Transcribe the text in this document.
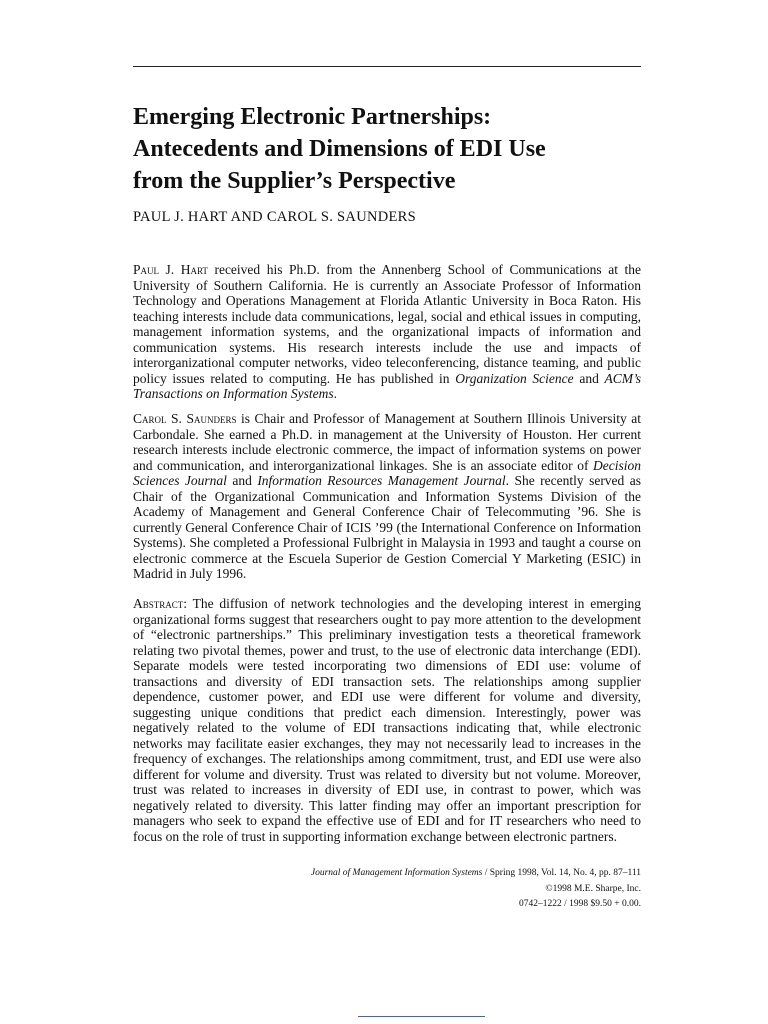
Emerging Electronic Partnerships:
Antecedents and Dimensions of EDI Use
from the Supplier’s Perspective
PAUL J. HART AND CAROL S. SAUNDERS

Paul J. Hart received his Ph.D. from the Annenberg School of Communications at the University of Southern California. He is currently an Associate Professor of Information Technology and Operations Management at Florida Atlantic University in Boca Raton. His teaching interests include data communications, legal, social and ethical issues in computing, management information systems, and the organizational impacts of information and communication systems. His research interests include the use and impacts of interorganizational computer networks, video teleconferencing, distance teaming, and public policy issues related to computing. He has published in Organization Science and ACM’s Transactions on Information Systems.

Carol S. Saunders is Chair and Professor of Management at Southern Illinois University at Carbondale. She earned a Ph.D. in management at the University of Houston. Her current research interests include electronic commerce, the impact of information systems on power and communication, and interorganizational linkages. She is an associate editor of Decision Sciences Journal and Information Resources Management Journal. She recently served as Chair of the Organizational Communication and Information Systems Division of the Academy of Management and General Conference Chair of Telecommuting ’96. She is currently General Conference Chair of ICIS ’99 (the International Conference on Information Systems). She completed a Professional Fulbright in Malaysia in 1993 and taught a course on electronic commerce at the Escuela Superior de Gestion Comercial Y Marketing (ESIC) in Madrid in July 1996.

Abstract: The diffusion of network technologies and the developing interest in emerging organizational forms suggest that researchers ought to pay more attention to the development of “electronic partnerships.” This preliminary investigation tests a theoretical framework relating two pivotal themes, power and trust, to the use of electronic data interchange (EDI). Separate models were tested incorporating two dimensions of EDI use: volume of transactions and diversity of EDI transaction sets. The relationships among supplier dependence, customer power, and EDI use were different for volume and diversity, suggesting unique conditions that predict each dimension. Interestingly, power was negatively related to the volume of EDI transactions indicating that, while electronic networks may facilitate easier exchanges, they may not necessarily lead to increases in the frequency of exchanges. The relationships among commitment, trust, and EDI use were also different for volume and diversity. Trust was related to diversity but not volume. Moreover, trust was related to increases in diversity of EDI use, in contrast to power, which was negatively related to diversity. This latter finding may offer an important prescription for managers who seek to expand the effective use of EDI and for IT researchers who need to focus on the role of trust in supporting information exchange between electronic partners.

Journal of Management Information Systems / Spring 1998, Vol. 14, No. 4, pp. 87–111
©1998 M.E. Sharpe, Inc.
0742–1222 / 1998 $9.50 + 0.00.
